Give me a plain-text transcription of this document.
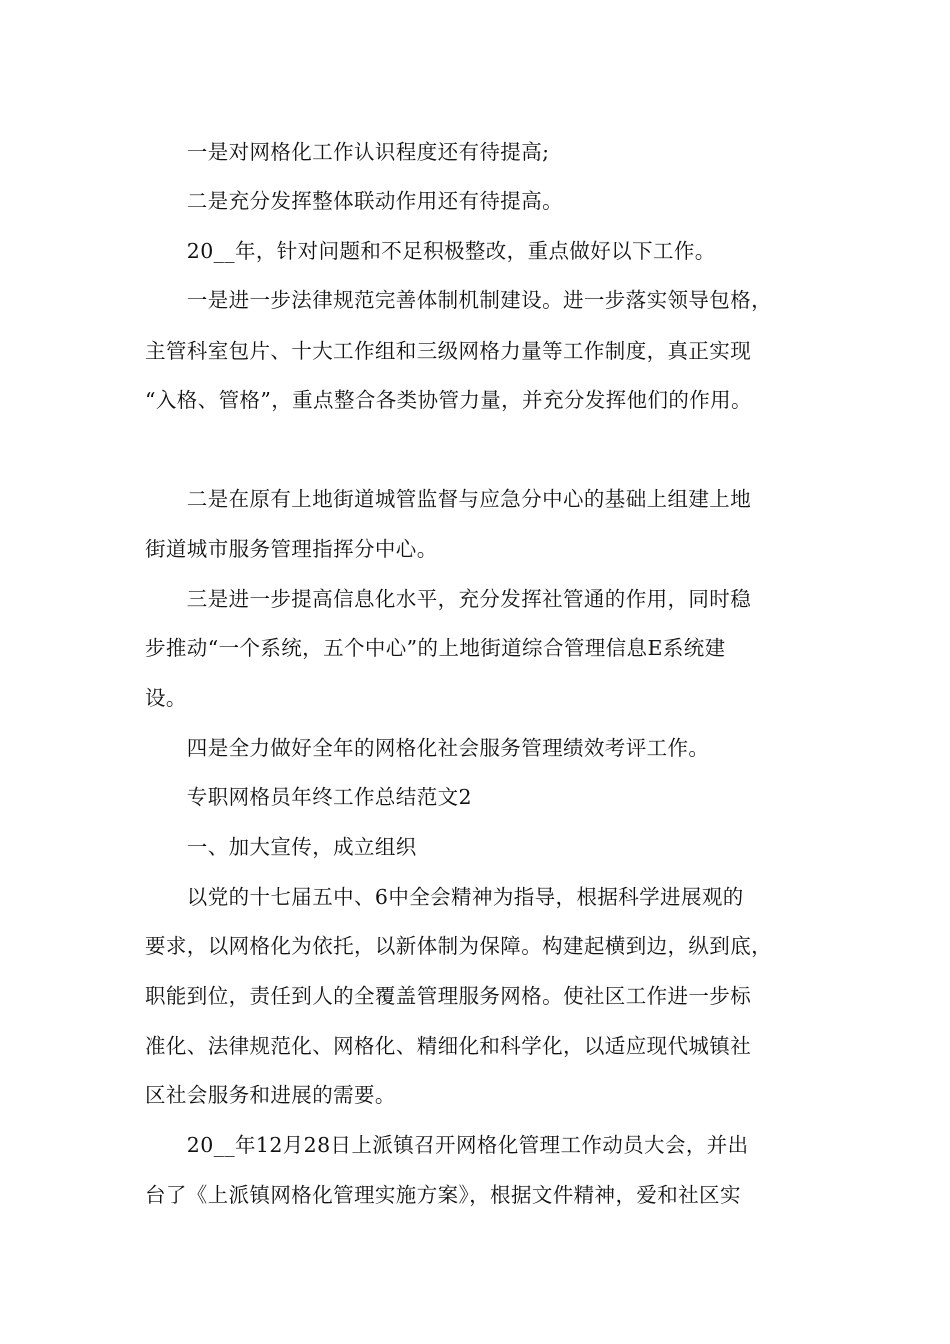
　　一是对网格化工作认识程度还有待提高;
　　二是充分发挥整体联动作用还有待提高。
　　20__年，针对问题和不足积极整改，重点做好以下工作。
　　一是进一步法律规范完善体制机制建设。进一步落实领导包格，
主管科室包片、十大工作组和三级网格力量等工作制度，真正实现
“入格、管格”，重点整合各类协管力量，并充分发挥他们的作用。
　　二是在原有上地街道城管监督与应急分中心的基础上组建上地
街道城市服务管理指挥分中心。
　　三是进一步提高信息化水平，充分发挥社管通的作用，同时稳
步推动“一个系统，五个中心”的上地街道综合管理信息E系统建
设。
　　四是全力做好全年的网格化社会服务管理绩效考评工作。
　　专职网格员年终工作总结范文2
　　一、加大宣传，成立组织
　　以党的十七届五中、6中全会精神为指导，根据科学进展观的
要求，以网格化为依托，以新体制为保障。构建起横到边，纵到底，
职能到位，责任到人的全覆盖管理服务网格。使社区工作进一步标
准化、法律规范化、网格化、精细化和科学化，以适应现代城镇社
区社会服务和进展的需要。
　　20__年12月28日上派镇召开网格化管理工作动员大会，并出
台了《上派镇网格化管理实施方案》，根据文件精神，爱和社区实
